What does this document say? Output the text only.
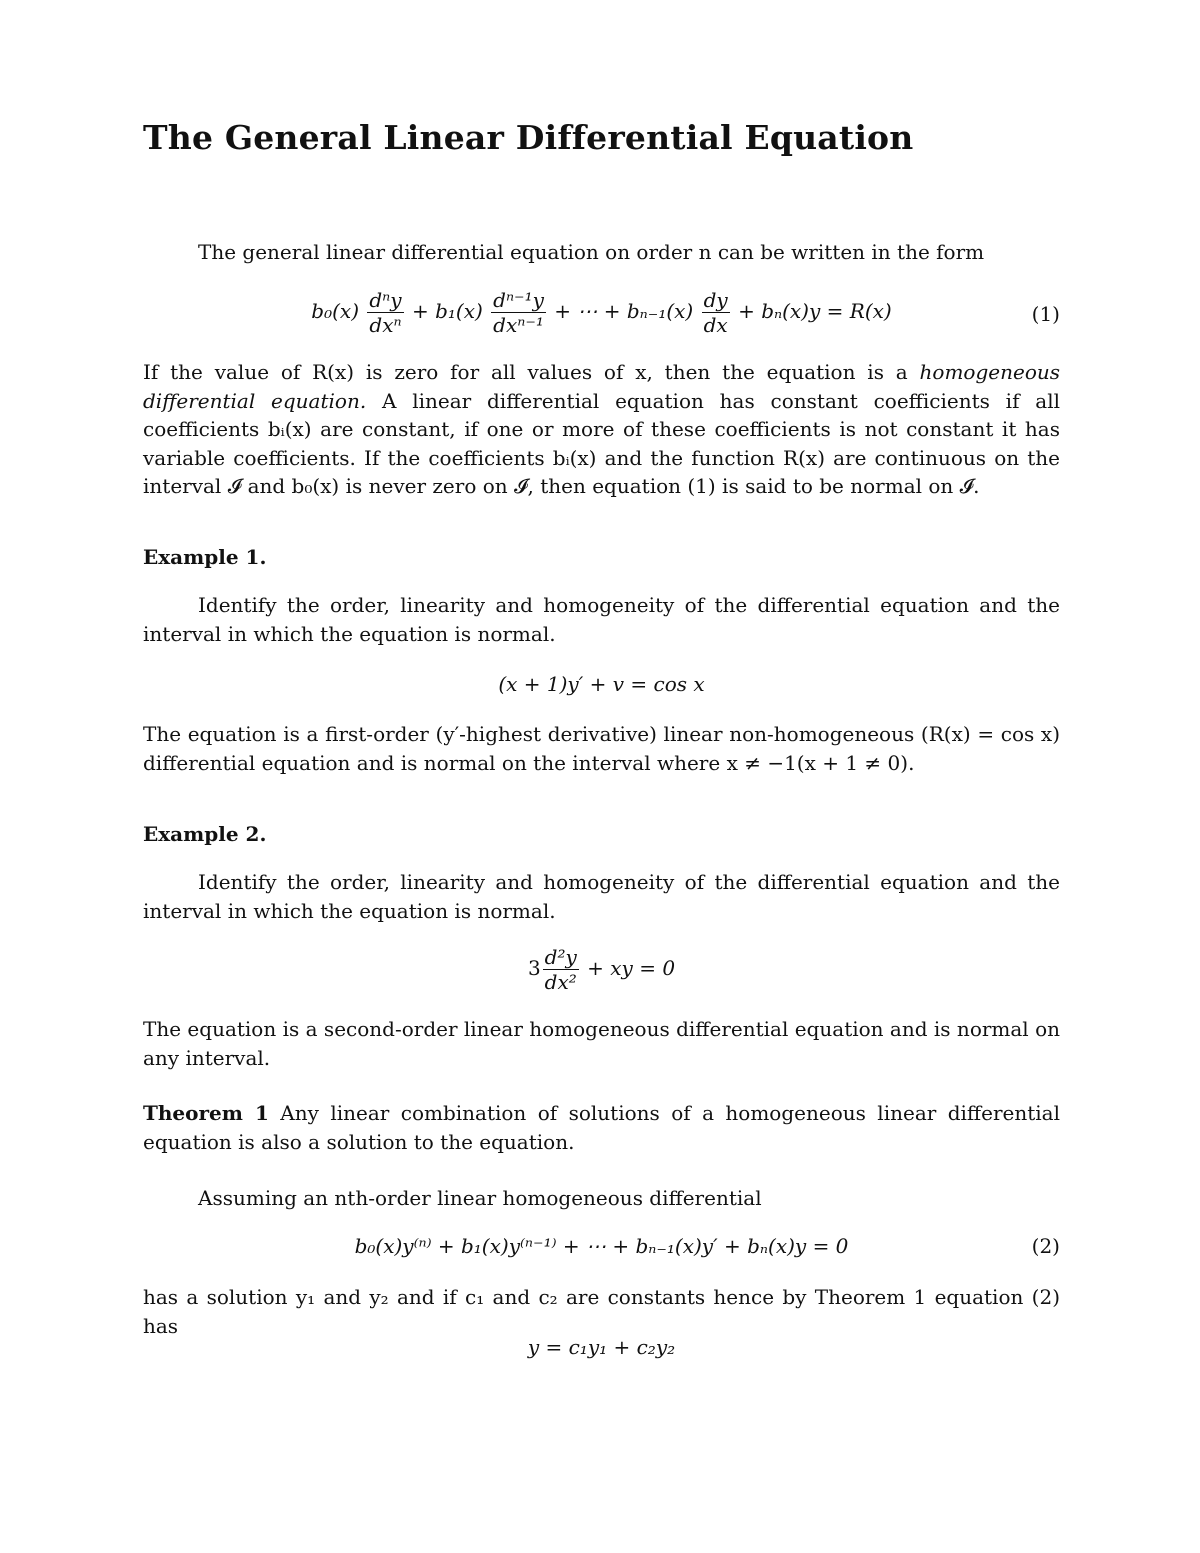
The General Linear Differential Equation
The general linear differential equation on order n can be written in the form
$b_0(x) \frac{\text{dⁿy}}{\text{dxⁿ}} + b_1(x) \frac{\text{dⁿ⁻¹y}}{\text{dxⁿ⁻¹}}$ + ⋯ + $b_{n-1}(x) \frac{dy}{dx} + b_n(x)y = R(x)$	(1)
If the value of R(x) is zero for all values of x, then the equation is a homogeneous differential equation. A linear differential equation has constant coefficients if all coefficients bᵢ(x) are constant, if one or more of these coefficients is not constant it has variable coefficients. If the coefficients bᵢ(x) and the function R(x) are continuous on the interval 𝓘 and b₀(x) is never zero on 𝓘, then equation (1) is said to be normal on 𝓘.
Example 1.
Identify the order, linearity and homogeneity of the differential equation and the interval in which the equation is normal.
(x + 1)y′ + v = cos x
The equation is a first-order (y′-highest derivative) linear non-homogeneous (R(x) = cos x) differential equation and is normal on the interval where x ≠ −1(x + 1 ≠ 0).
Example 2.
Identify the order, linearity and homogeneity of the differential equation and the interval in which the equation is normal.
$3 \frac{\text{d²y}}{\text{dx²}}$ + xy = 0
The equation is a second-order linear homogeneous differential equation and is normal on any interval.
Theorem 1 Any linear combination of solutions of a homogeneous linear differential equation is also a solution to the equation.
Assuming an nth-order linear homogeneous differential
b₀(x)y⁽ⁿ⁾ + b₁(x)y⁽ⁿ⁻¹⁾ + ⋯ + bₙ₋₁(x)y′ + bₙ(x)y = 0	(2)
has a solution y₁ and y₂ and if c₁ and c₂ are constants hence by Theorem 1 equation (2) has
y = c₁y₁ + c₂y₂
